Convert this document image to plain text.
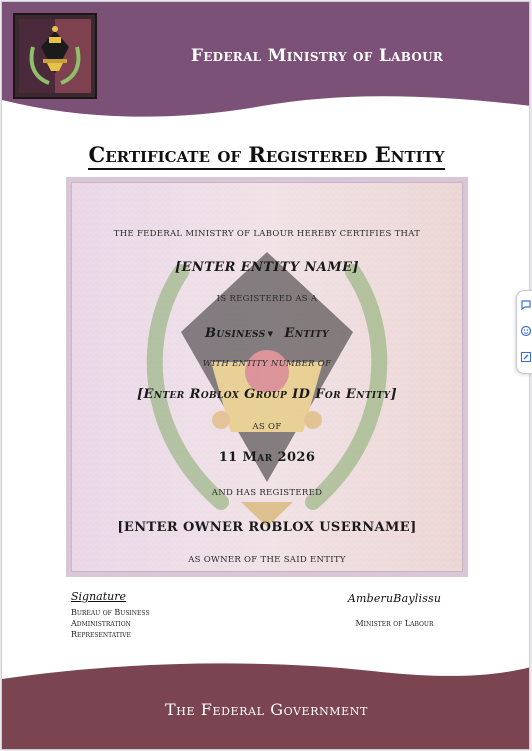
Federal Ministry of Labour
Certificate of Registered Entity
THE FEDERAL MINISTRY OF LABOUR HEREBY CERTIFIES THAT
[ENTER ENTITY NAME]
IS REGISTERED AS A
Business ▼ Entity
WITH ENTITY NUMBER OF
[Enter Roblox Group ID For Entity]
AS OF
11 Mar 2026
AND HAS REGISTERED
[ENTER OWNER ROBLOX USERNAME]
AS OWNER OF THE SAID ENTITY
Signature
Bureau of Business
Administration
Representative
AmberuBaylissu
Minister of Labour
The Federal Government
